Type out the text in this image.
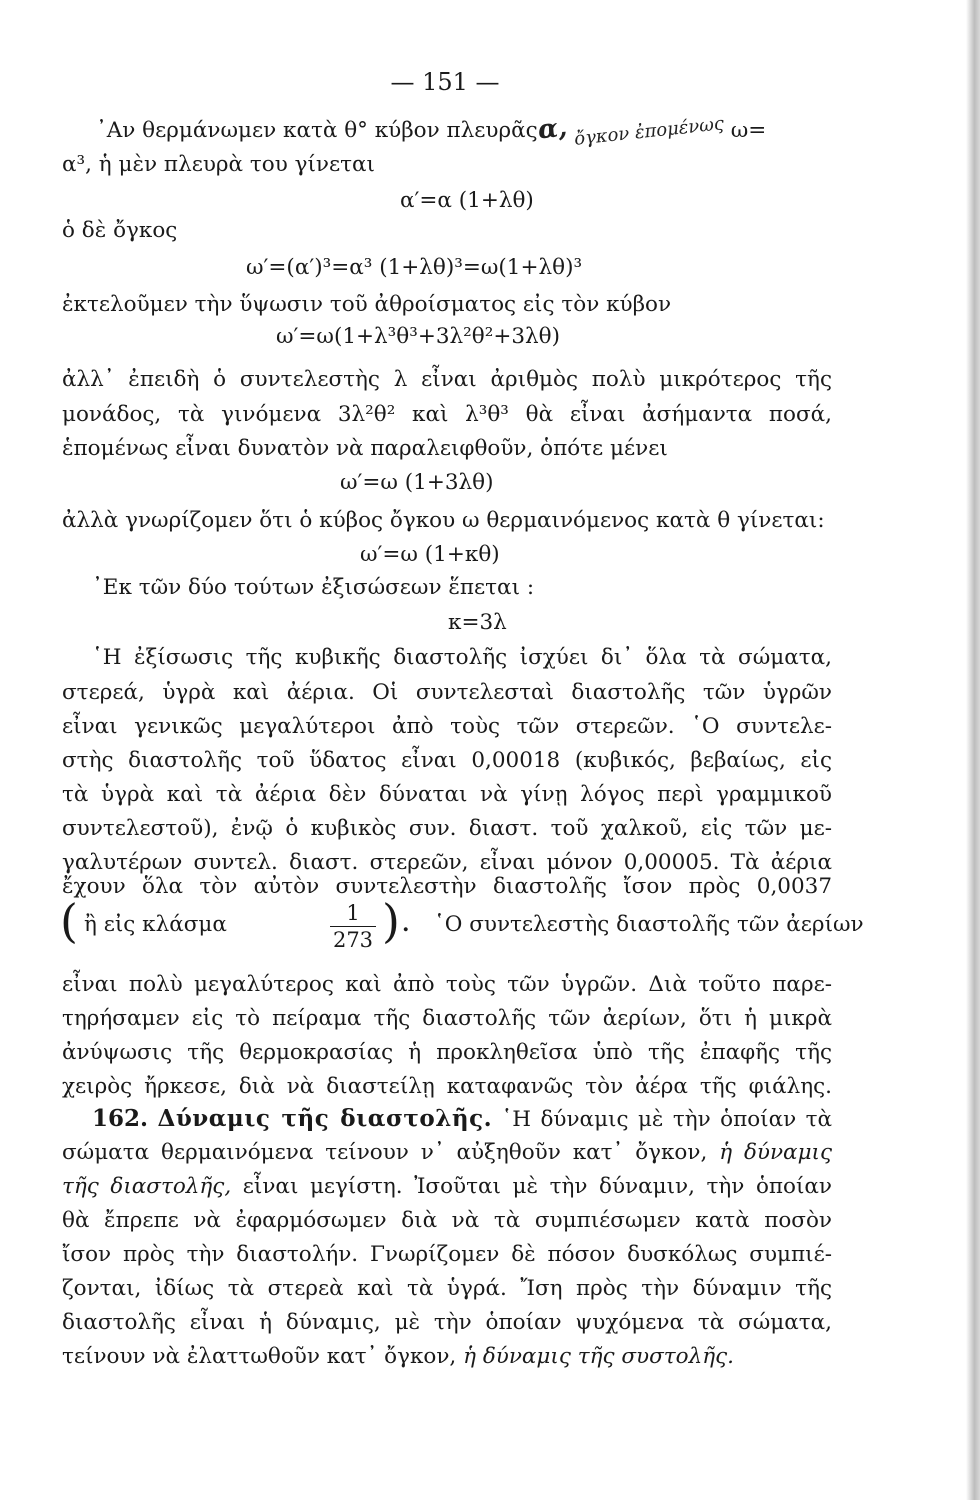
— 151 —
᾿Αν θερμάνωμεν κατὰ θ° κύβον πλευρᾶςα, ὄγκον ἐπομένως ω=
α³, ἡ μὲν πλευρὰ του γίνεται
α′=α (1+λθ)
ὁ δὲ ὄγκος
ω′=(α′)³=α³ (1+λθ)³=ω(1+λθ)³
ἐκτελοῦμεν τὴν ὕψωσιν τοῦ ἀθροίσματος εἰς τὸν κύβον
ω′=ω(1+λ³θ³+3λ²θ²+3λθ)
ἀλλ᾿ ἐπειδὴ ὁ συντελεστὴς λ εἶναι ἀριθμὸς πολὺ μικρότερος τῆς
μονάδος, τὰ γινόμενα 3λ²θ² καὶ λ³θ³ θὰ εἶναι ἀσήμαντα ποσά,
ἑπομένως εἶναι δυνατὸν νὰ παραλειφθοῦν, ὁπότε μένει
ω′=ω (1+3λθ)
ἀλλὰ γνωρίζομεν ὅτι ὁ κύβος ὄγκου ω θερμαινόμενος κατὰ θ γίνεται:
ω′=ω (1+κθ)
᾿Εκ τῶν δύο τούτων ἐξισώσεων ἕπεται :
κ=3λ
῾Η ἐξίσωσις τῆς κυβικῆς διαστολῆς ἰσχύει δι᾿ ὅλα τὰ σώματα,
στερεά, ὑγρὰ καὶ ἀέρια. Οἱ συντελεσταὶ διαστολῆς τῶν ὑγρῶν
εἶναι γενικῶς μεγαλύτεροι ἀπὸ τοὺς τῶν στερεῶν. ῾Ο συντελε-
στὴς διαστολῆς τοῦ ὕδατος εἶναι 0,00018 (κυβικός, βεβαίως, εἰς
τὰ ὑγρὰ καὶ τὰ ἀέρια δὲν δύναται νὰ γίνῃ λόγος περὶ γραμμικοῦ
συντελεστοῦ), ἐνῷ ὁ κυβικὸς συν. διαστ. τοῦ χαλκοῦ, εἰς τῶν με-
γαλυτέρων συντελ. διαστ. στερεῶν, εἶναι μόνον 0,00005. Τὰ ἀέρια
ἔχουν ὅλα τὸν αὐτὸν συντελεστὴν διαστολῆς ἴσον πρὸς 0,0037
( ἢ εἰς κλάσμα	1
273 ) . ῾Ο συντελεστὴς διαστολῆς τῶν ἀερίων
εἶναι πολὺ μεγαλύτερος καὶ ἀπὸ τοὺς τῶν ὑγρῶν. Διὰ τοῦτο παρε-
τηρήσαμεν εἰς τὸ πείραμα τῆς διαστολῆς τῶν ἀερίων, ὅτι ἡ μικρὰ
ἀνύψωσις τῆς θερμοκρασίας ἡ προκληθεῖσα ὑπὸ τῆς ἐπαφῆς τῆς
χειρὸς ἤρκεσε, διὰ νὰ διαστείλῃ καταφανῶς τὸν ἀέρα τῆς φιάλης.
162. Δύναμις τῆς διαστολῆς. ῾Η δύναμις μὲ τὴν ὁποίαν τὰ
σώματα θερμαινόμενα τείνουν ν᾿ αὐξηθοῦν κατ᾿ ὄγκον, ἡ δύναμις
τῆς διαστολῆς, εἶναι μεγίστη. Ἰσοῦται μὲ τὴν δύναμιν, τὴν ὁποίαν
θὰ ἔπρεπε νὰ ἐφαρμόσωμεν διὰ νὰ τὰ συμπιέσωμεν κατὰ ποσὸν
ἴσον πρὸς τὴν διαστολήν. Γνωρίζομεν δὲ πόσον δυσκόλως συμπιέ-
ζονται, ἰδίως τὰ στερεὰ καὶ τὰ ὑγρά. Ἴση πρὸς τὴν δύναμιν τῆς
διαστολῆς εἶναι ἡ δύναμις, μὲ τὴν ὁποίαν ψυχόμενα τὰ σώματα,
τείνουν νὰ ἐλαττωθοῦν κατ᾿ ὄγκον, ἡ δύναμις τῆς συστολῆς.
